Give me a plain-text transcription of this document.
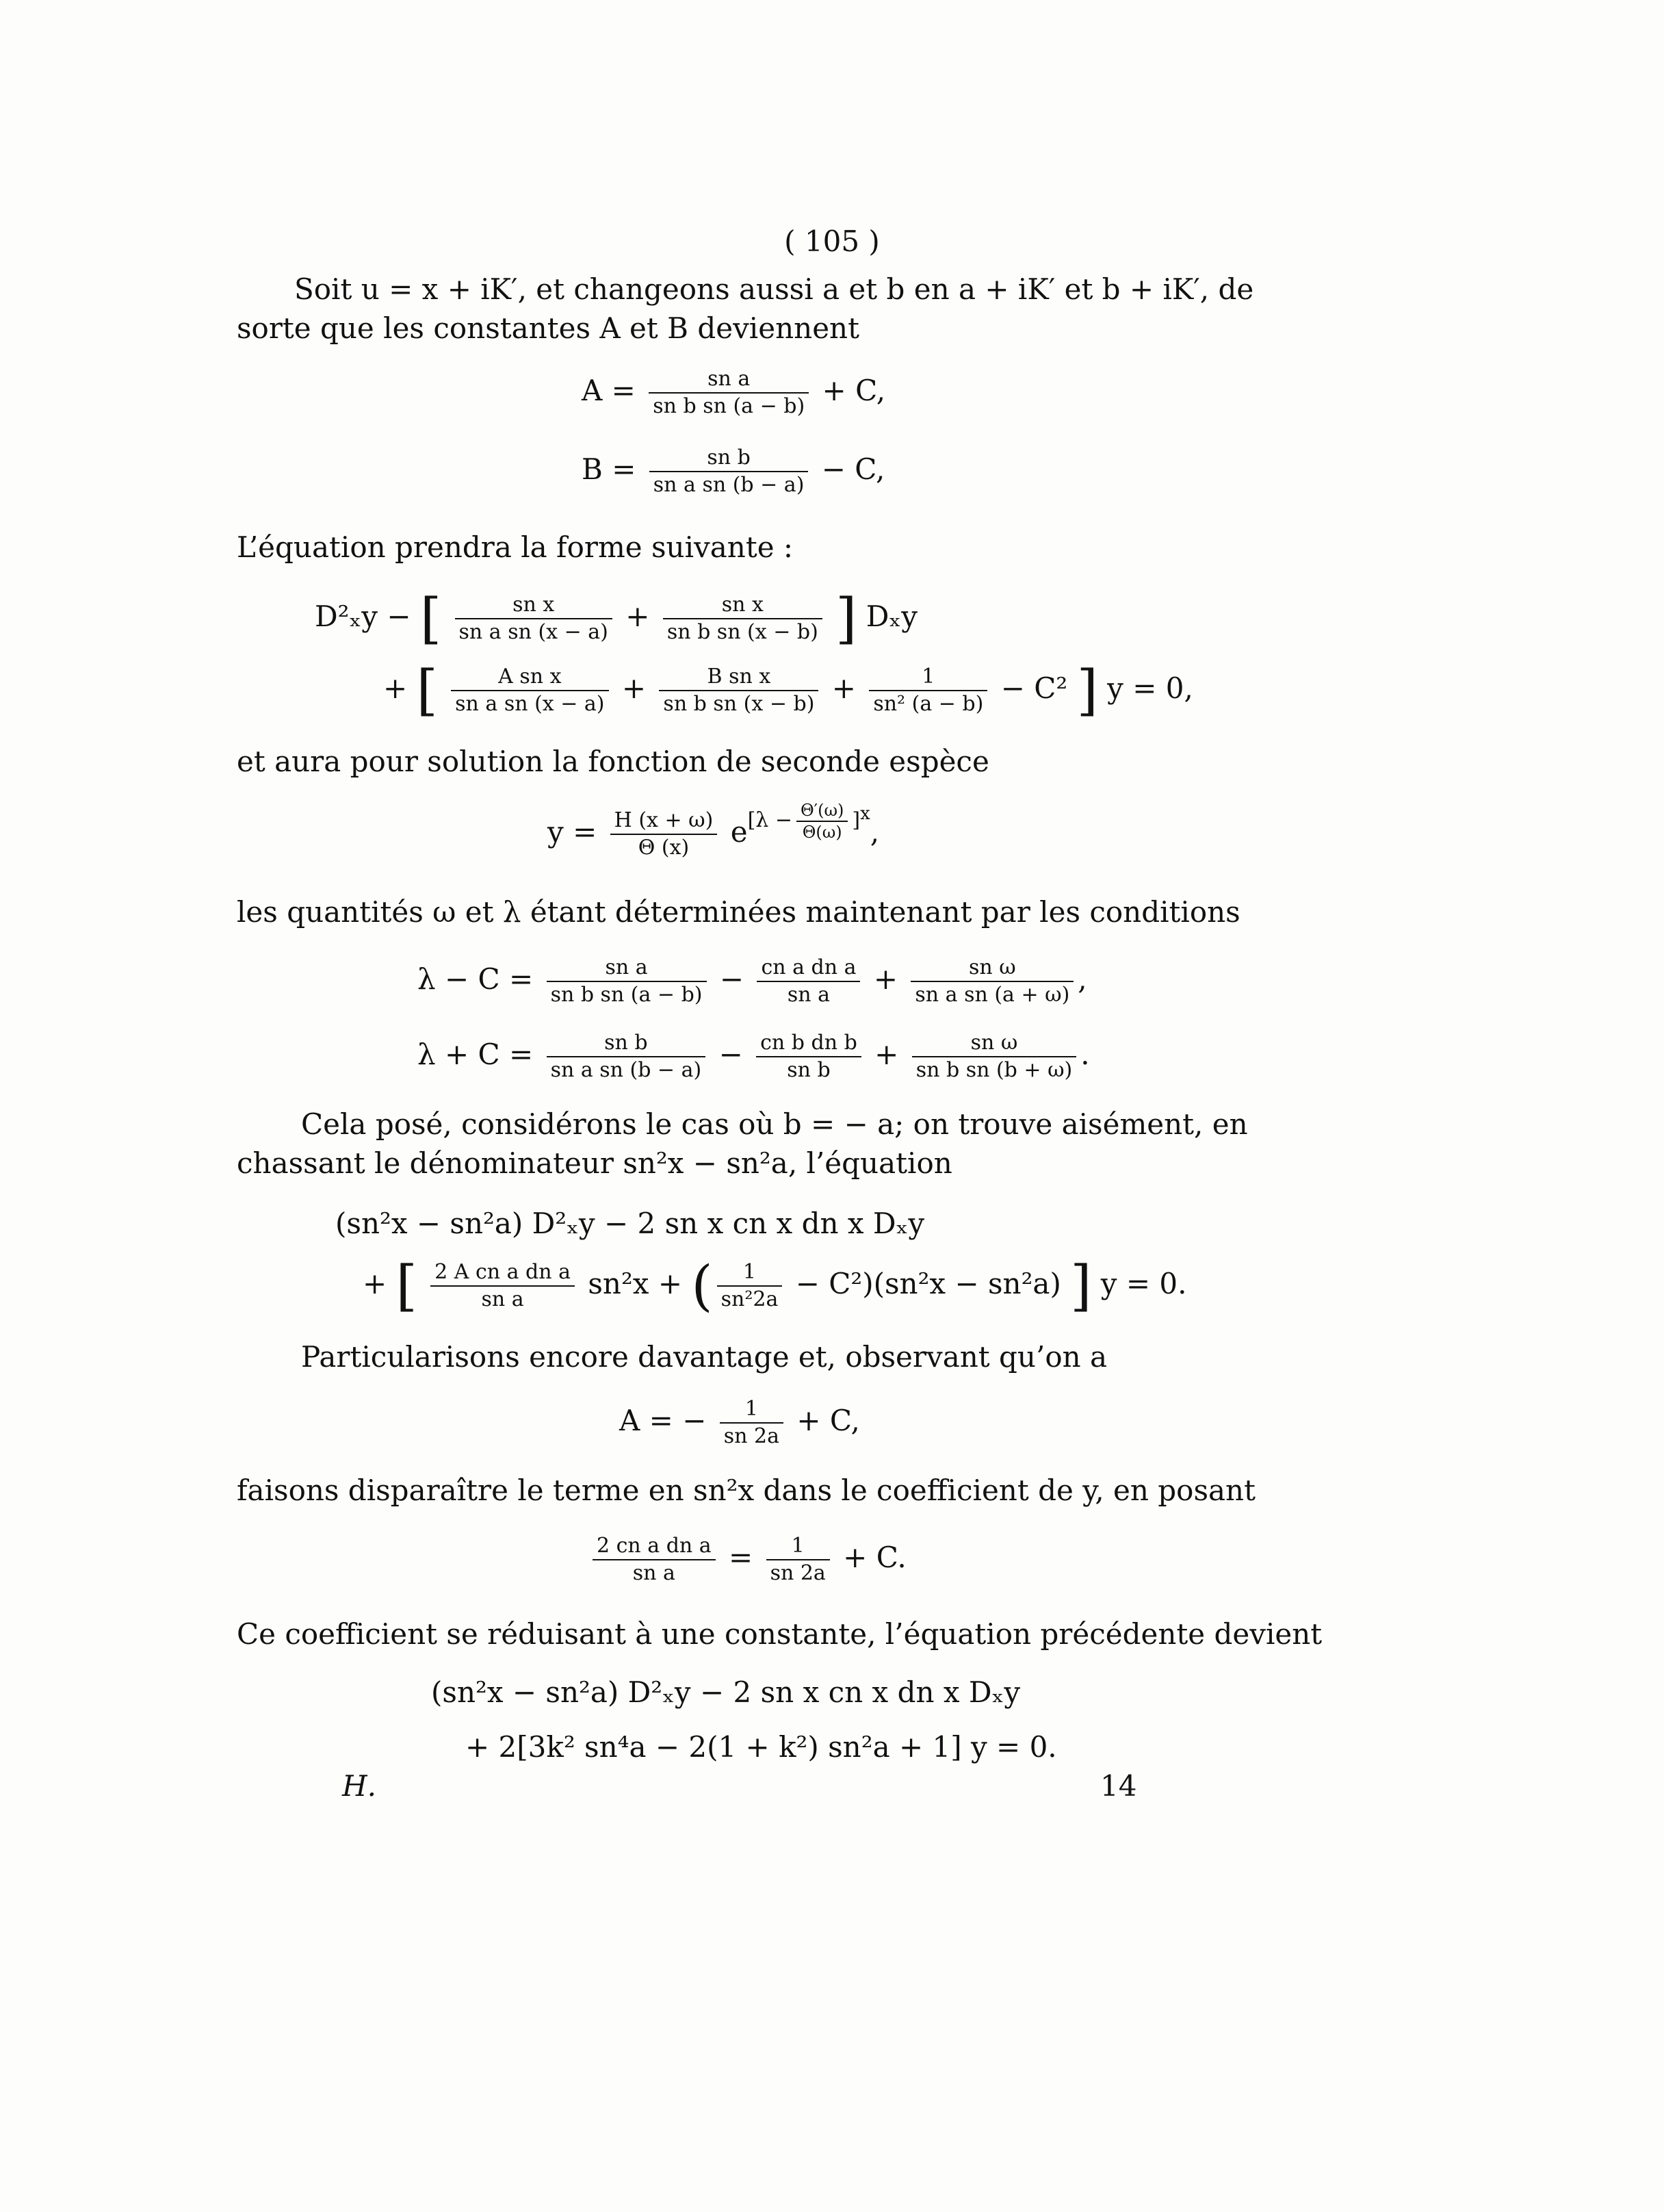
( 105 )
Soit u = x + iK′, et changeons aussi a et b en a + iK′ et b + iK′, de
sorte que les constantes A et B deviennent
$A = \frac{\text{sn a}}{\text{sn b sn (a − b)}} + C$,
$B = \frac{\text{sn b}}{\text{sn a sn (b − a)}} - C$,
L’équation prendra la forme suivante :
D²ₓy − [ $\frac{\text{sn x}}{\text{sn a sn (x − a)}} + \frac{\text{sn x}}{\text{sn b sn (x − b)}}$ ] Dₓy
+ [ $\frac{\text{A sn x}}{\text{sn a sn (x − a)}} + \frac{\text{B sn x}}{\text{sn b sn (x − b)}} + \frac{1}{\text{sn² (a − b)}} - C^2$ ] y = 0,
et aura pour solution la fonction de seconde espèce
$y = \frac{H (x + \omega)}{\Theta (x)} e^{[\lambda - \frac{\Theta'(\omega)}{\Theta(\omega)} ]^x}$,
les quantités ω et λ étant déterminées maintenant par les conditions
$\lambda - C = \frac{\text{sn a}}{\text{sn b sn (a − b)}} - \frac{\text{cn a dn a}}{\text{sn a}} + \frac{\text{sn ω}}{\text{sn a sn (a + ω)}}$ ,
$\lambda + C = \frac{\text{sn b}}{\text{sn a sn (b − a)}} - \frac{\text{cn b dn b}}{\text{sn b}} + \frac{\text{sn ω}}{\text{sn b sn (b + ω)}}$ .
Cela posé, considérons le cas où b = − a; on trouve aisément, en
chassant le dénominateur sn²x − sn²a, l’équation
(sn²x − sn²a) D²ₓy − 2 sn x cn x dn x Dₓy
+ [ $\frac{\text{2 A cn a dn a}}{\text{sn a}} sn^2x$ + ( $\frac{1}{\text{sn²2a}} - C^2)(sn^2x - sn^2a)$ ] y = 0.
Particularisons encore davantage et, observant qu’on a
A = − $\frac{1}{sn 2a} + C$,
faisons disparaître le terme en sn²x dans le coefficient de y, en posant
$\frac{\text{2 cn a dn a}}{\text{sn a}} = \frac{1}{sn 2a} + C$.
Ce coefficient se réduisant à une constante, l’équation précédente devient
(sn²x − sn²a) D²ₓy − 2 sn x cn x dn x Dₓy
+ 2[3k² sn⁴a − 2(1 + k²) sn²a + 1] y = 0.
H.	14
